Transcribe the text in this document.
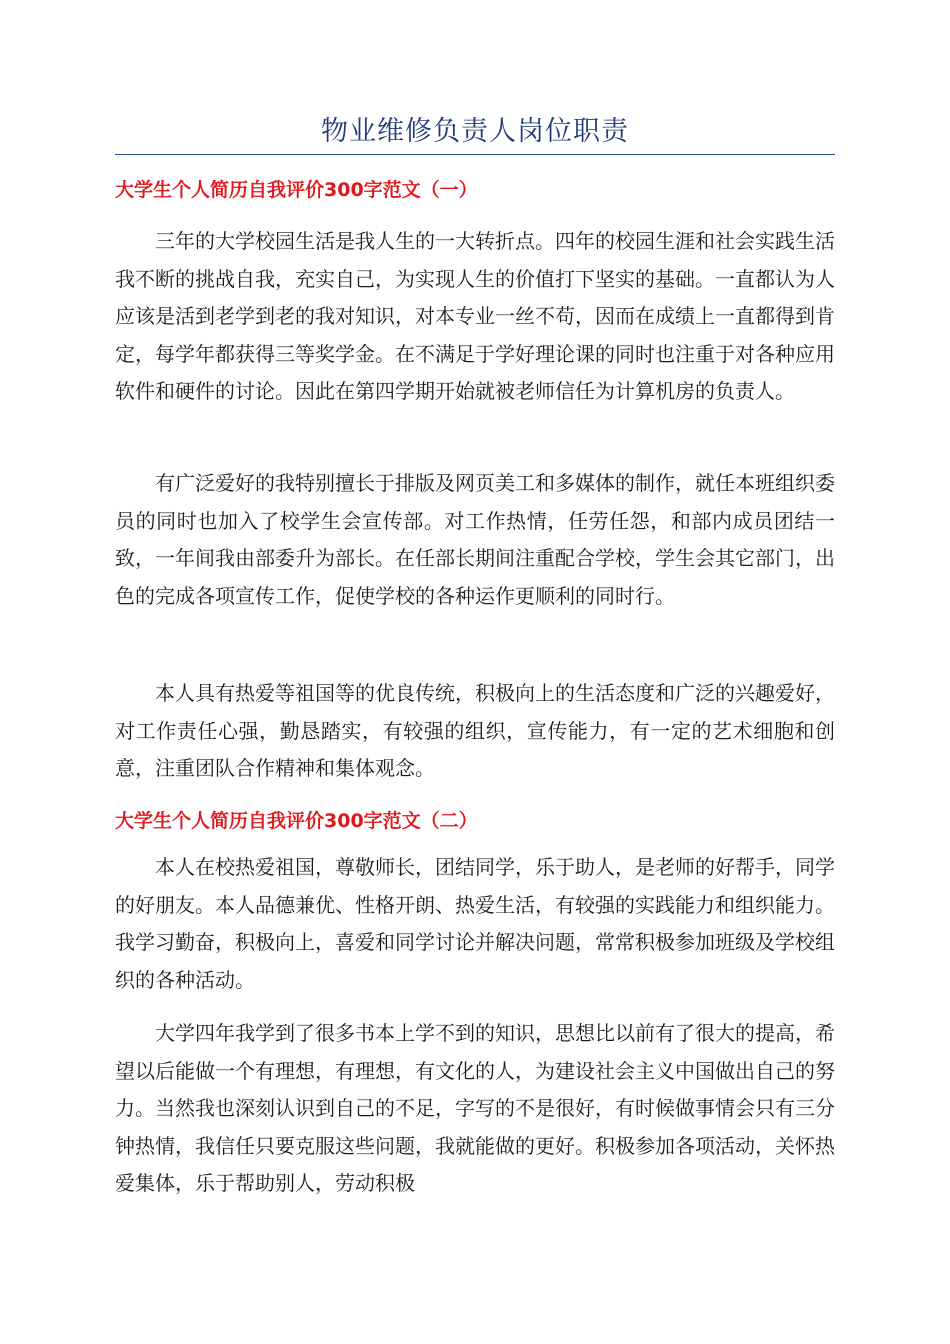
物业维修负责人岗位职责
大学生个人简历自我评价300字范文（一）

三年的大学校园生活是我人生的一大转折点。四年的校园生涯和社会实践生活我不断的挑战自我，充实自己，为实现人生的价值打下坚实的基础。一直都认为人应该是活到老学到老的我对知识，对本专业一丝不苟，因而在成绩上一直都得到肯定，每学年都获得三等奖学金。在不满足于学好理论课的同时也注重于对各种应用软件和硬件的讨论。因此在第四学期开始就被老师信任为计算机房的负责人。

有广泛爱好的我特别擅长于排版及网页美工和多媒体的制作，就任本班组织委员的同时也加入了校学生会宣传部。对工作热情，任劳任怨，和部内成员团结一致，一年间我由部委升为部长。在任部长期间注重配合学校，学生会其它部门，出色的完成各项宣传工作，促使学校的各种运作更顺利的同时行。

本人具有热爱等祖国等的优良传统，积极向上的生活态度和广泛的兴趣爱好，对工作责任心强，勤恳踏实，有较强的组织，宣传能力，有一定的艺术细胞和创意，注重团队合作精神和集体观念。

大学生个人简历自我评价300字范文（二）

本人在校热爱祖国，尊敬师长，团结同学，乐于助人，是老师的好帮手，同学的好朋友。本人品德兼优、性格开朗、热爱生活，有较强的实践能力和组织能力。我学习勤奋，积极向上，喜爱和同学讨论并解决问题，常常积极参加班级及学校组织的各种活动。

大学四年我学到了很多书本上学不到的知识，思想比以前有了很大的提高，希望以后能做一个有理想，有理想，有文化的人，为建设社会主义中国做出自己的努力。当然我也深刻认识到自己的不足，字写的不是很好，有时候做事情会只有三分钟热情，我信任只要克服这些问题，我就能做的更好。积极参加各项活动，关怀热爱集体，乐于帮助别人，劳动积极
